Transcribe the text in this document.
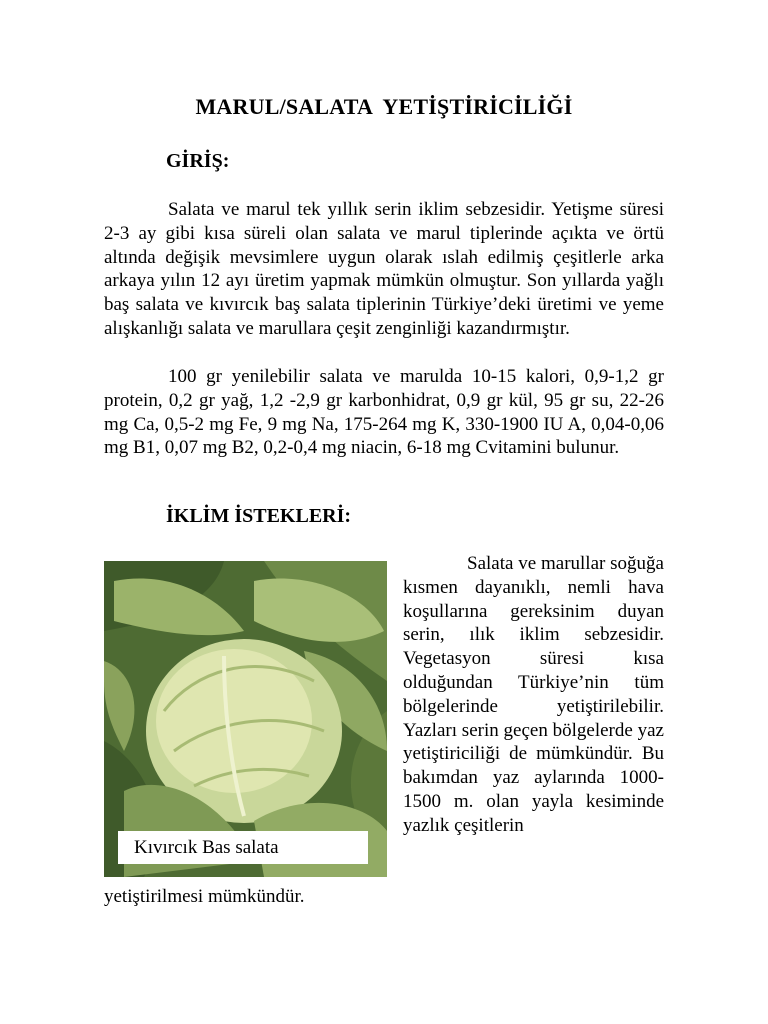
MARUL/SALATA  YETİŞTİRİCİLİĞİ
GİRİŞ:

Salata ve marul tek yıllık serin iklim sebzesidir. Yetişme süresi 2-3 ay gibi kısa süreli olan salata ve marul tiplerinde açıkta ve örtü altında değişik mevsimlere uygun olarak ıslah edilmiş çeşitlerle arka arkaya yılın 12 ayı üretim yapmak mümkün olmuştur. Son yıllarda yağlı baş salata ve kıvırcık baş salata tiplerinin Türkiye’deki üretimi ve yeme alışkanlığı salata ve marullara çeşit zenginliği kazandırmıştır.

100 gr yenilebilir salata ve marulda 10-15 kalori, 0,9-1,2 gr protein, 0,2 gr yağ, 1,2 -2,9 gr karbonhidrat, 0,9 gr kül, 95 gr su, 22-26 mg Ca, 0,5-2 mg Fe, 9 mg Na, 175-264 mg K, 330-1900 IU A, 0,04-0,06 mg B1, 0,07 mg B2, 0,2-0,4 mg niacin, 6-18 mg Cvitamini bulunur.

İKLİM İSTEKLERİ:
Kıvırcık Bas salata

Salata ve marullar soğuğa kısmen dayanıklı, nemli hava koşullarına gereksinim duyan serin, ılık iklim sebzesidir. Vegetasyon süresi kısa olduğundan Türkiye’nin tüm bölgelerinde yetiştirilebilir. Yazları serin geçen bölgelerde yaz yetiştiriciliği de mümkündür. Bu bakımdan yaz aylarında 1000-1500 m. olan yayla kesiminde yazlık çeşitlerin

yetiştirilmesi mümkündür.
